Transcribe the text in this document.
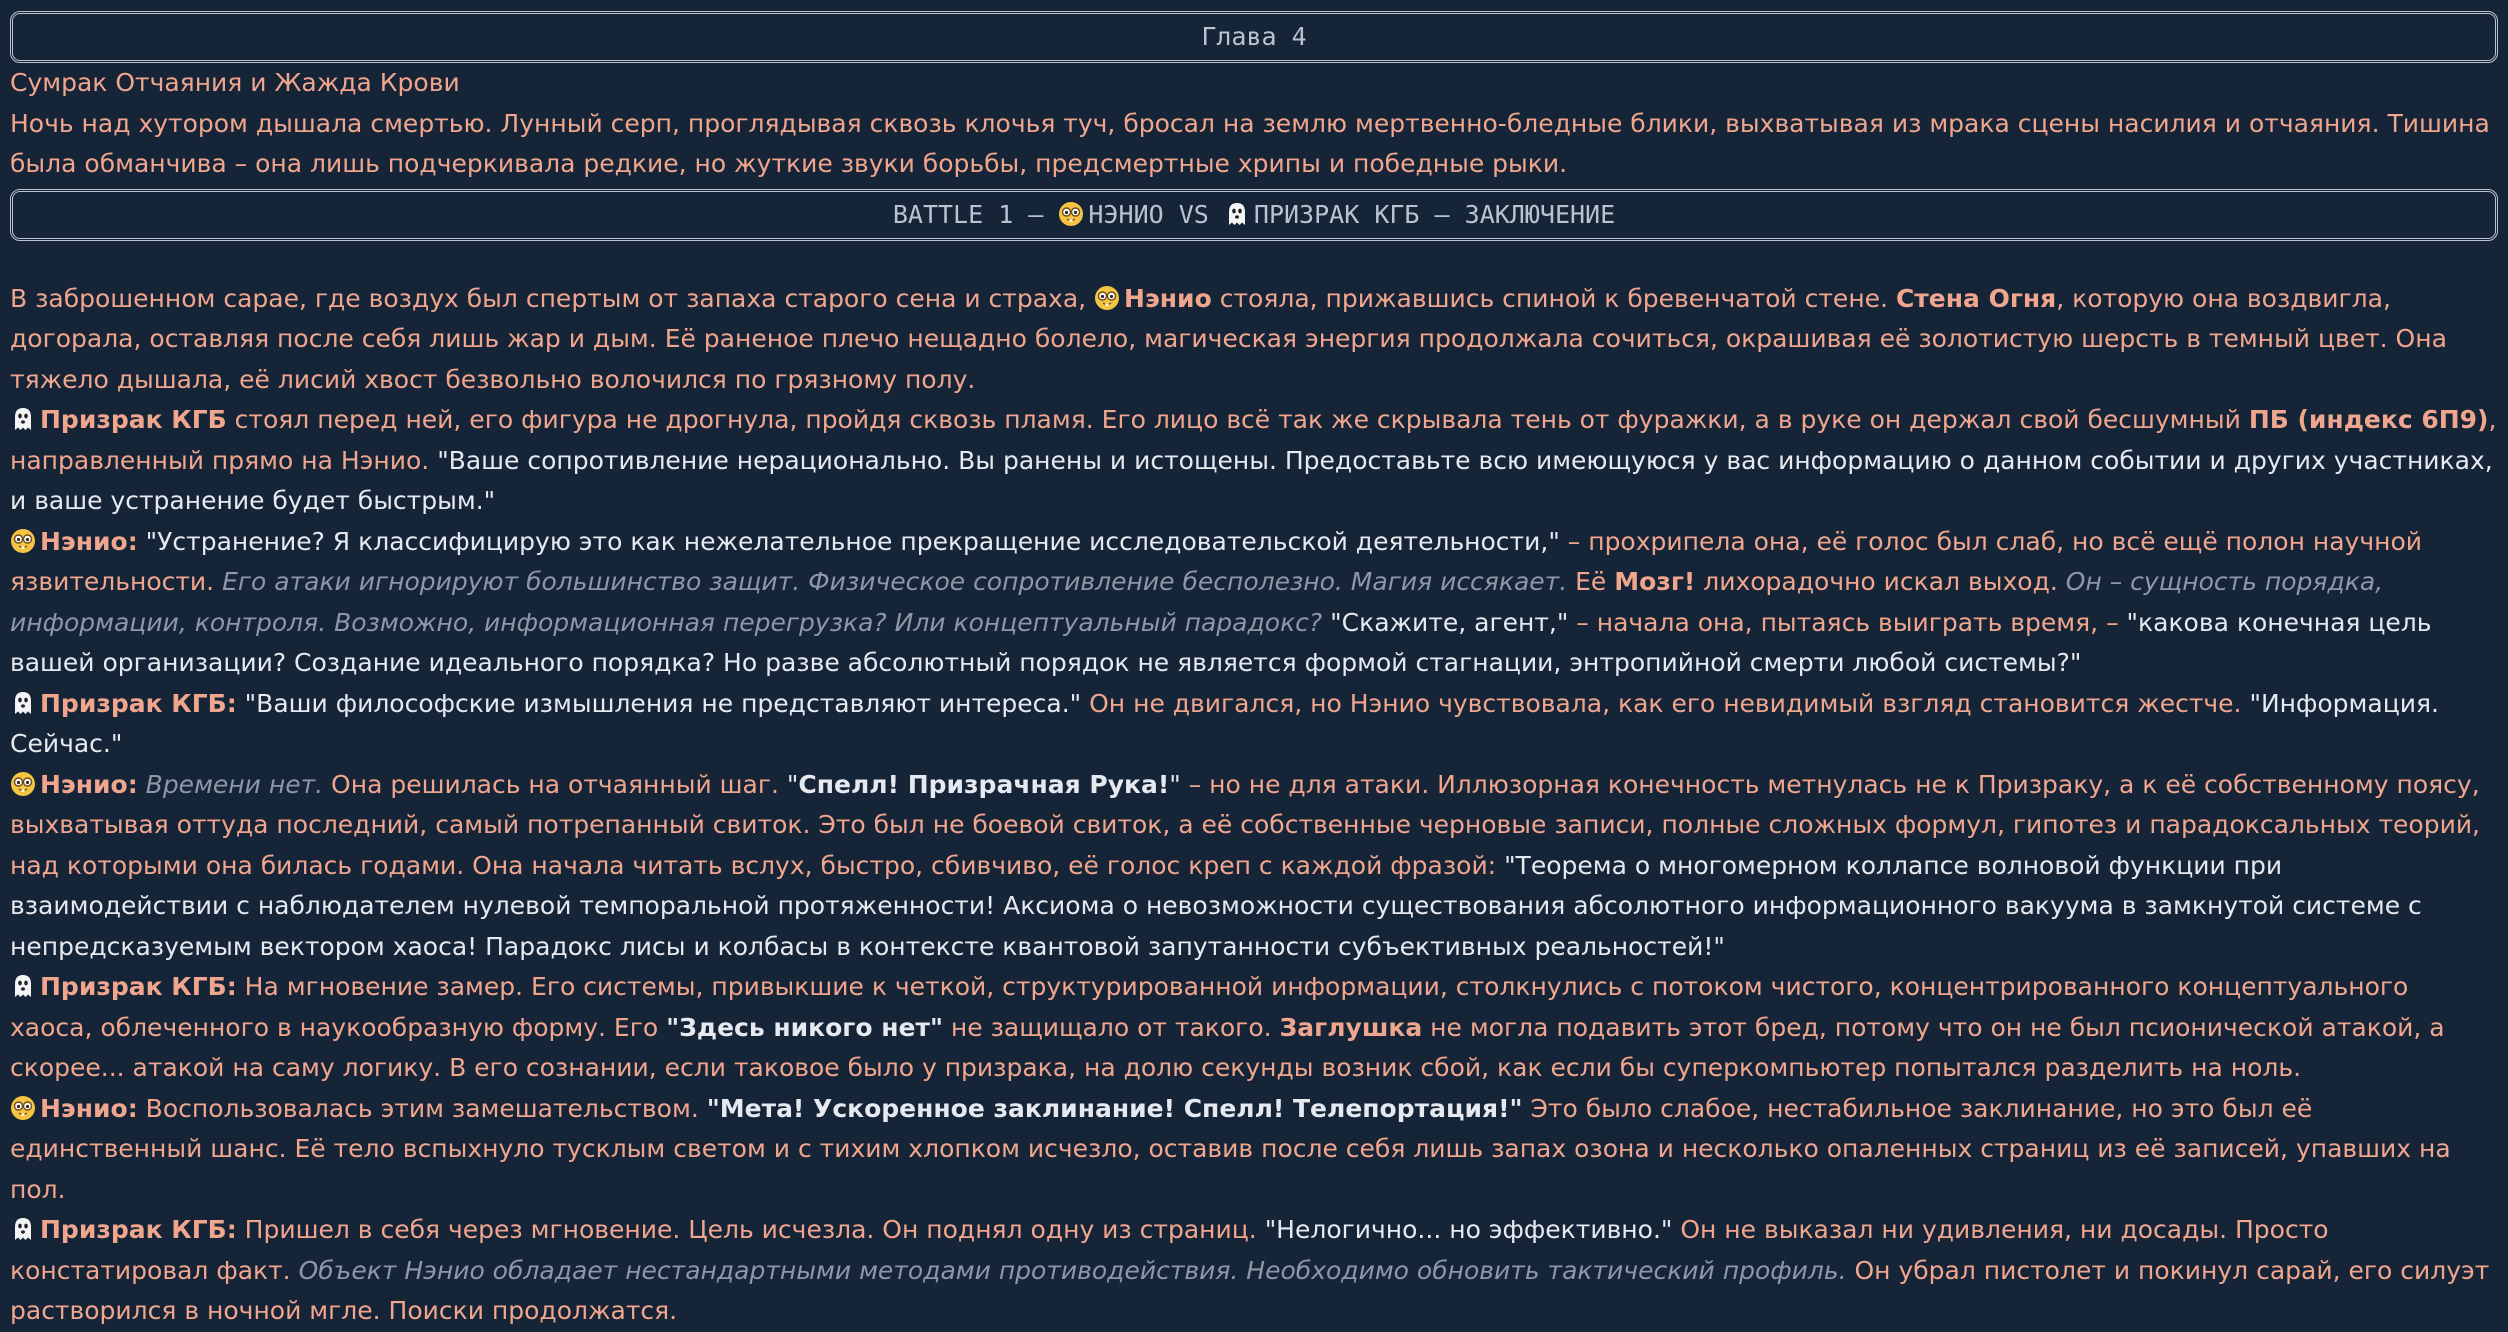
Глава 4

Сумрак Отчаяния и Жажда Крови

Ночь над хутором дышала смертью. Лунный серп, проглядывая сквозь клочья туч, бросал на землю мертвенно-бледные блики, выхватывая из мрака сцены насилия и отчаяния. Тишина была обманчива – она лишь подчеркивала редкие, но жуткие звуки борьбы, предсмертные хрипы и победные рыки.

BATTLE 1 – НЭНИО VS ПРИЗРАК КГБ – ЗАКЛЮЧЕНИЕ

В заброшенном сарае, где воздух был спертым от запаха старого сена и страха, Нэнио стояла, прижавшись спиной к бревенчатой стене. Стена Огня, которую она воздвигла, догорала, оставляя после себя лишь жар и дым. Её раненое плечо нещадно болело, магическая энергия продолжала сочиться, окрашивая её золотистую шерсть в темный цвет. Она тяжело дышала, её лисий хвост безвольно волочился по грязному полу.

Призрак КГБ стоял перед ней, его фигура не дрогнула, пройдя сквозь пламя. Его лицо всё так же скрывала тень от фуражки, а в руке он держал свой бесшумный ПБ (индекс 6П9), направленный прямо на Нэнио. "Ваше сопротивление нерационально. Вы ранены и истощены. Предоставьте всю имеющуюся у вас информацию о данном событии и других участниках, и ваше устранение будет быстрым."

Нэнио: "Устранение? Я классифицирую это как нежелательное прекращение исследовательской деятельности," – прохрипела она, её голос был слаб, но всё ещё полон научной язвительности. Его атаки игнорируют большинство защит. Физическое сопротивление бесполезно. Магия иссякает. Её Мозг! лихорадочно искал выход. Он – сущность порядка, информации, контроля. Возможно, информационная перегрузка? Или концептуальный парадокс? "Скажите, агент," – начала она, пытаясь выиграть время, – "какова конечная цель вашей организации? Создание идеального порядка? Но разве абсолютный порядок не является формой стагнации, энтропийной смерти любой системы?"

Призрак КГБ: "Ваши философские измышления не представляют интереса." Он не двигался, но Нэнио чувствовала, как его невидимый взгляд становится жестче. "Информация. Сейчас."

Нэнио: Времени нет. Она решилась на отчаянный шаг. "Спелл! Призрачная Рука!" – но не для атаки. Иллюзорная конечность метнулась не к Призраку, а к её собственному поясу, выхватывая оттуда последний, самый потрепанный свиток. Это был не боевой свиток, а её собственные черновые записи, полные сложных формул, гипотез и парадоксальных теорий, над которыми она билась годами. Она начала читать вслух, быстро, сбивчиво, её голос креп с каждой фразой: "Теорема о многомерном коллапсе волновой функции при взаимодействии с наблюдателем нулевой темпоральной протяженности! Аксиома о невозможности существования абсолютного информационного вакуума в замкнутой системе с непредсказуемым вектором хаоса! Парадокс лисы и колбасы в контексте квантовой запутанности субъективных реальностей!"

Призрак КГБ: На мгновение замер. Его системы, привыкшие к четкой, структурированной информации, столкнулись с потоком чистого, концентрированного концептуального хаоса, облеченного в наукообразную форму. Его "Здесь никого нет" не защищало от такого. Заглушка не могла подавить этот бред, потому что он не был псионической атакой, а скорее... атакой на саму логику. В его сознании, если таковое было у призрака, на долю секунды возник сбой, как если бы суперкомпьютер попытался разделить на ноль.

Нэнио: Воспользовалась этим замешательством. "Мета! Ускоренное заклинание! Спелл! Телепортация!" Это было слабое, нестабильное заклинание, но это был её единственный шанс. Её тело вспыхнуло тусклым светом и с тихим хлопком исчезло, оставив после себя лишь запах озона и несколько опаленных страниц из её записей, упавших на пол.

Призрак КГБ: Пришел в себя через мгновение. Цель исчезла. Он поднял одну из страниц. "Нелогично... но эффективно." Он не выказал ни удивления, ни досады. Просто констатировал факт. Объект Нэнио обладает нестандартными методами противодействия. Необходимо обновить тактический профиль. Он убрал пистолет и покинул сарай, его силуэт растворился в ночной мгле. Поиски продолжатся.
